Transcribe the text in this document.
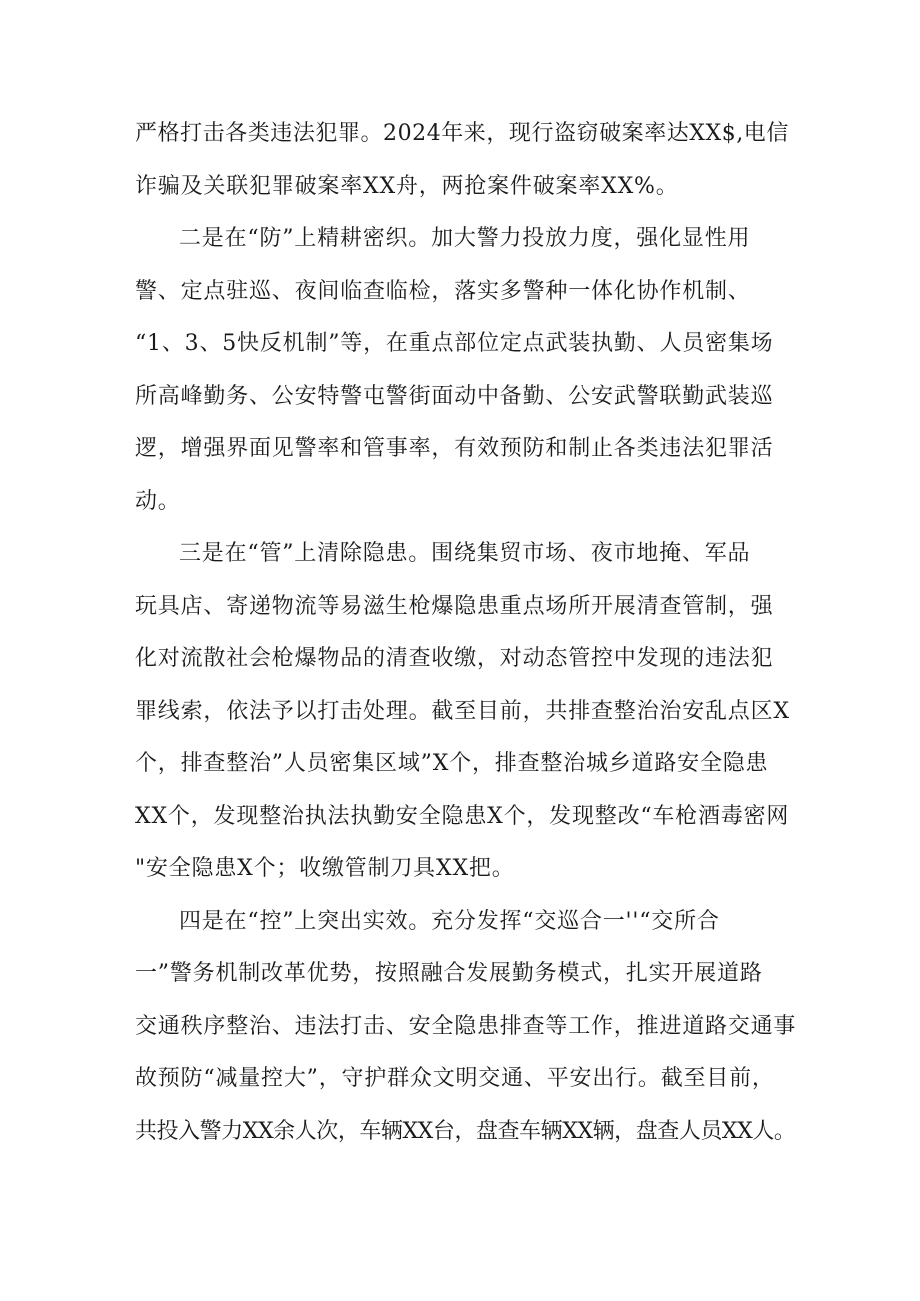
严格打击各类违法犯罪。2024年来，现行盗窃破案率达XX$,电信
诈骗及关联犯罪破案率XX舟，两抢案件破案率XX%。
二是在“防”上精耕密织。加大警力投放力度，强化显性用
警、定点驻巡、夜间临查临检，落实多警种一体化协作机制、
“1、3、5快反机制”等，在重点部位定点武装执勤、人员密集场
所高峰勤务、公安特警屯警街面动中备勤、公安武警联勤武装巡
逻，增强界面见警率和管事率，有效预防和制止各类违法犯罪活
动。
三是在“管”上清除隐患。围绕集贸市场、夜市地掩、军品
玩具店、寄递物流等易滋生枪爆隐患重点场所开展清查管制，强
化对流散社会枪爆物品的清查收缴，对动态管控中发现的违法犯
罪线索，依法予以打击处理。截至目前，共排查整治治安乱点区X
个，排查整治”人员密集区域”X个，排查整治城乡道路安全隐患
XX个，发现整治执法执勤安全隐患X个，发现整改“车枪酒毒密网
"安全隐患X个；收缴管制刀具XX把。
四是在“控”上突出实效。充分发挥“交巡合一''“交所合
一”警务机制改革优势，按照融合发展勤务模式，扎实开展道路
交通秩序整治、违法打击、安全隐患排查等工作，推进道路交通事
故预防“减量控大”，守护群众文明交通、平安出行。截至目前，
共投入警力XX余人次，车辆XX台，盘查车辆XX辆，盘查人员XX人。
